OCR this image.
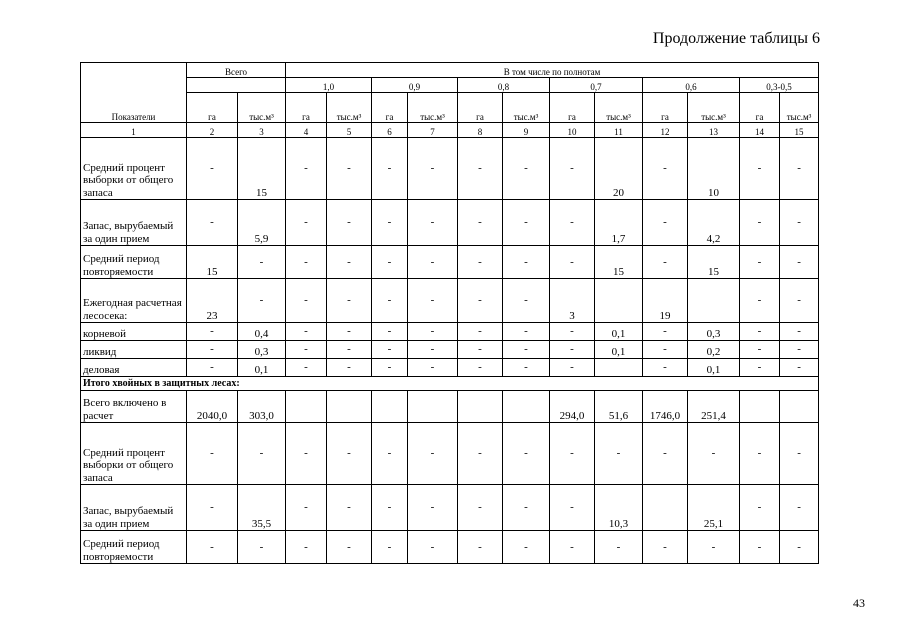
Продолжение таблицы 6
Показатели	Всего		В том числе по полнотам											
			1,0		0,9		0,8		0,7		0,6		0,3-0,5	
	га	тыс.м³	га	тыс.м³	га	тыс.м³	га	тыс.м³	га	тыс.м³	га	тыс.м³	га	тыс.м³
1	2	3	4	5	6	7	8	9	10	11	12	13	14	15
Средний процент выборки от общего запаса	-	15	-	-	-	-	-	-	-	20	-	10	-	-
Запас, вырубаемый за один прием	-	5,9	-	-	-	-	-	-	-	1,7	-	4,2	-	-
Средний период повторяемости	15	-	-	-	-	-	-	-	-	15	-	15	-	-
Ежегодная расчетная лесосека:	23	-	-	-	-	-	-	-	3		19		-	-
корневой	-	0,4	-	-	-	-	-	-	-	0,1	-	0,3	-	-
ликвид	-	0,3	-	-	-	-	-	-	-	0,1	-	0,2	-	-
деловая	-	0,1	-	-	-	-	-	-	-		-	0,1	-	-
Итого хвойных в защитных лесах:														
Всего включено в расчет	2040,0	303,0							294,0	51,6	1746,0	251,4		
Средний процент выборки от общего запаса	-	-	-	-	-	-	-	-	-	-	-	-	-	-
Запас, вырубаемый за один прием	-	35,5	-	-	-	-	-	-	-	10,3		25,1	-	-
Средний период повторяемости	-	-	-	-	-	-	-	-	-	-	-	-	-	-
43
